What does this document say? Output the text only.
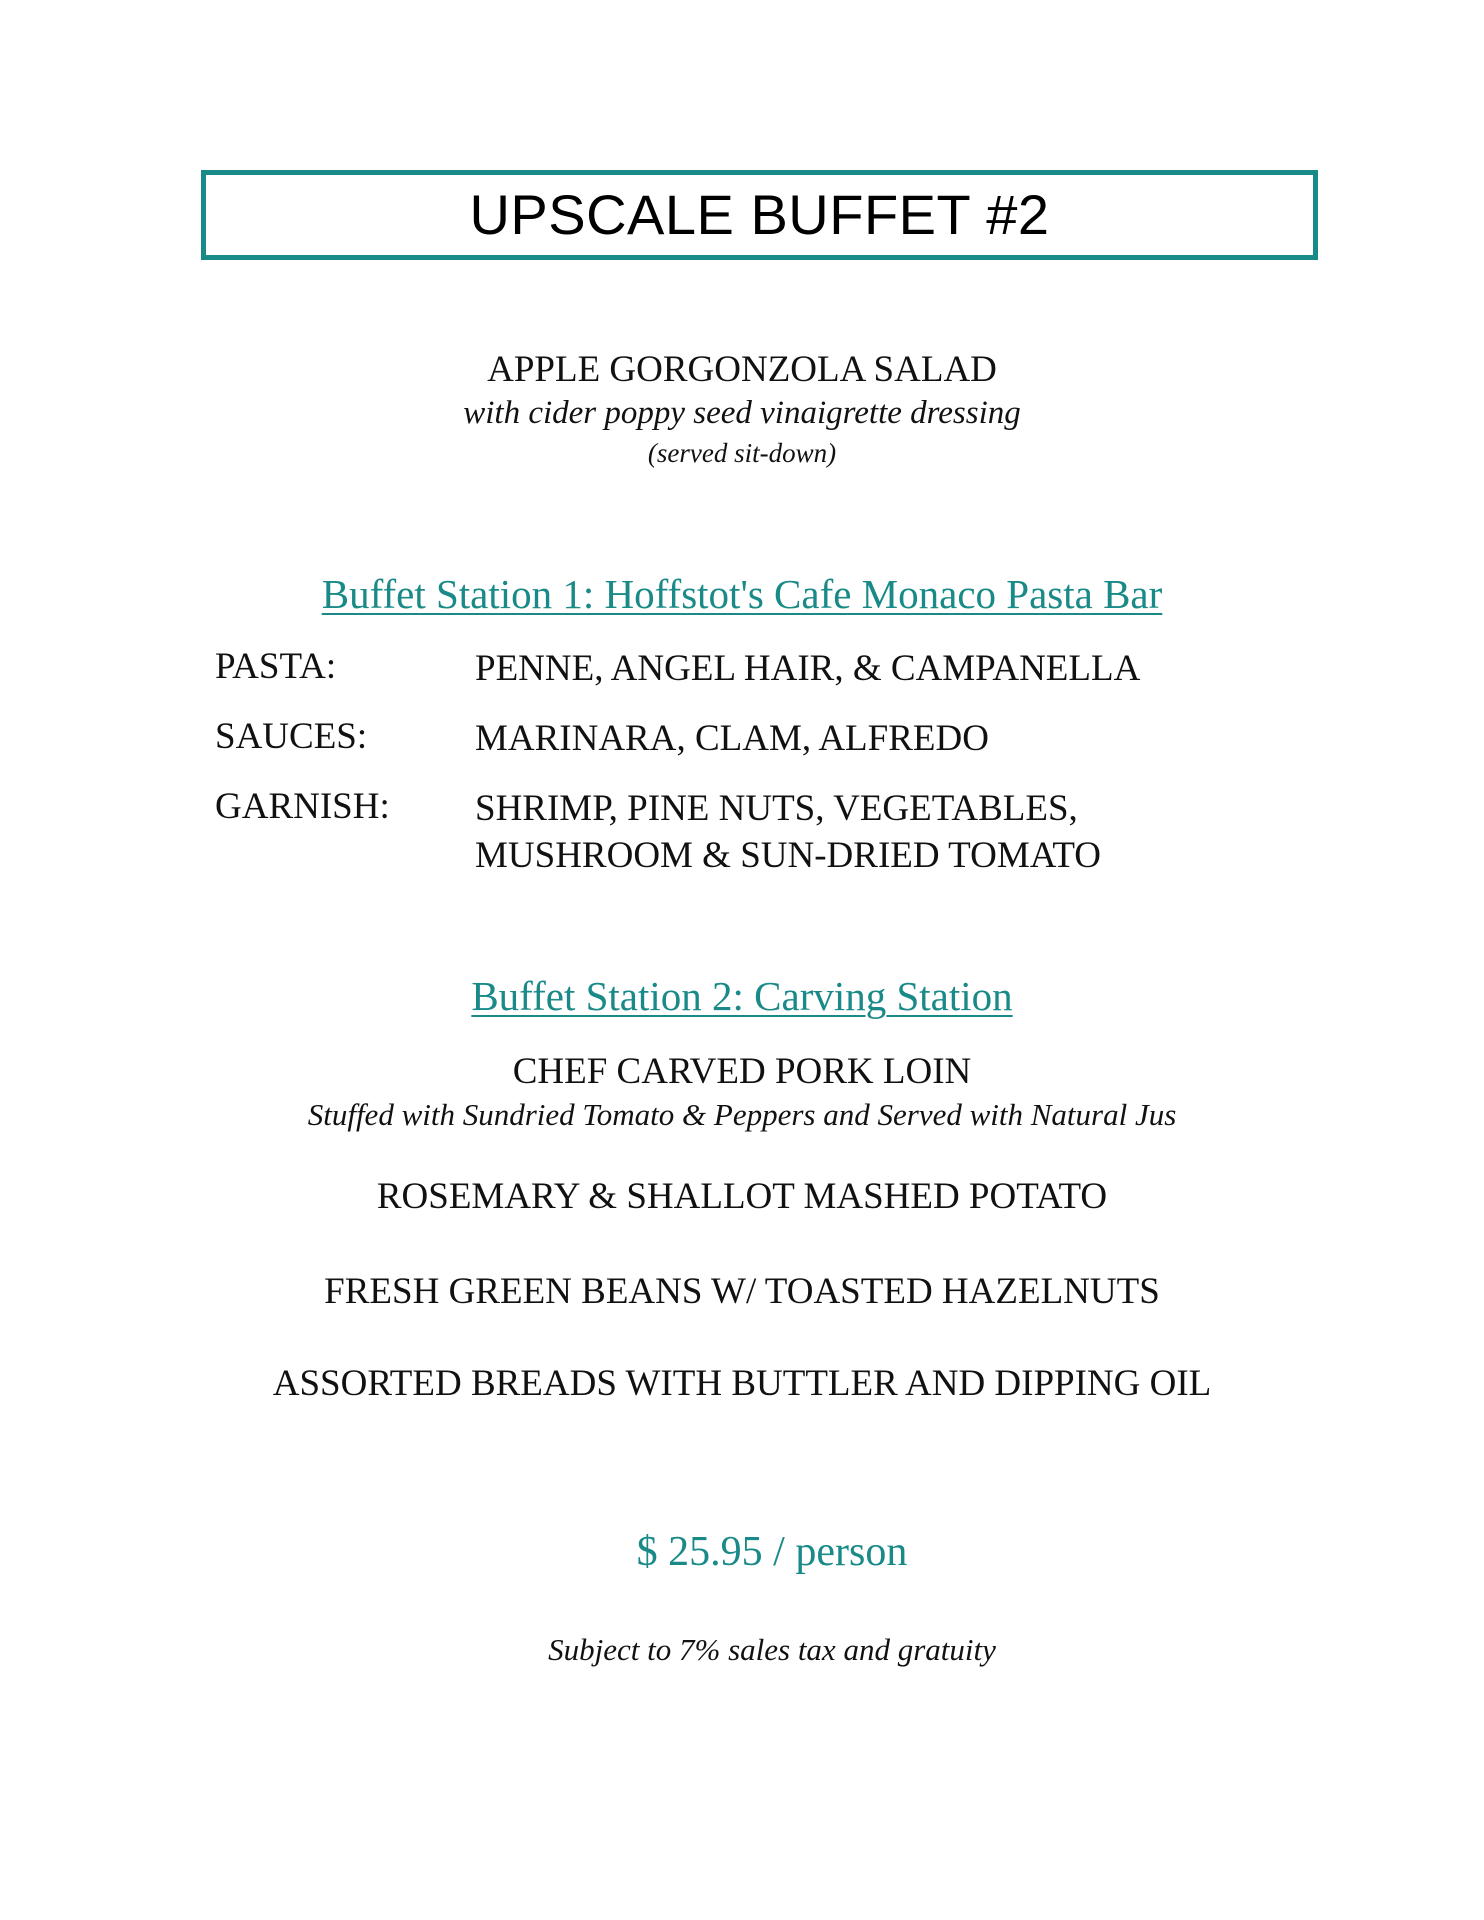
UPSCALE BUFFET #2
APPLE GORGONZOLA SALAD
with cider poppy seed vinaigrette dressing
(served sit-down)
Buffet Station 1: Hoffstot's Cafe Monaco Pasta Bar
PASTA:	PENNE, ANGEL HAIR, & CAMPANELLA
SAUCES:	MARINARA, CLAM, ALFREDO
GARNISH: SHRIMP, PINE NUTS, VEGETABLES,
MUSHROOM & SUN-DRIED TOMATO
Buffet Station 2: Carving Station
CHEF CARVED PORK LOIN
Stuffed with Sundried Tomato & Peppers and Served with Natural Jus
ROSEMARY & SHALLOT MASHED POTATO
FRESH GREEN BEANS W/ TOASTED HAZELNUTS
ASSORTED BREADS WITH BUTTLER AND DIPPING OIL
$ 25.95 / person
Subject to 7% sales tax and gratuity
